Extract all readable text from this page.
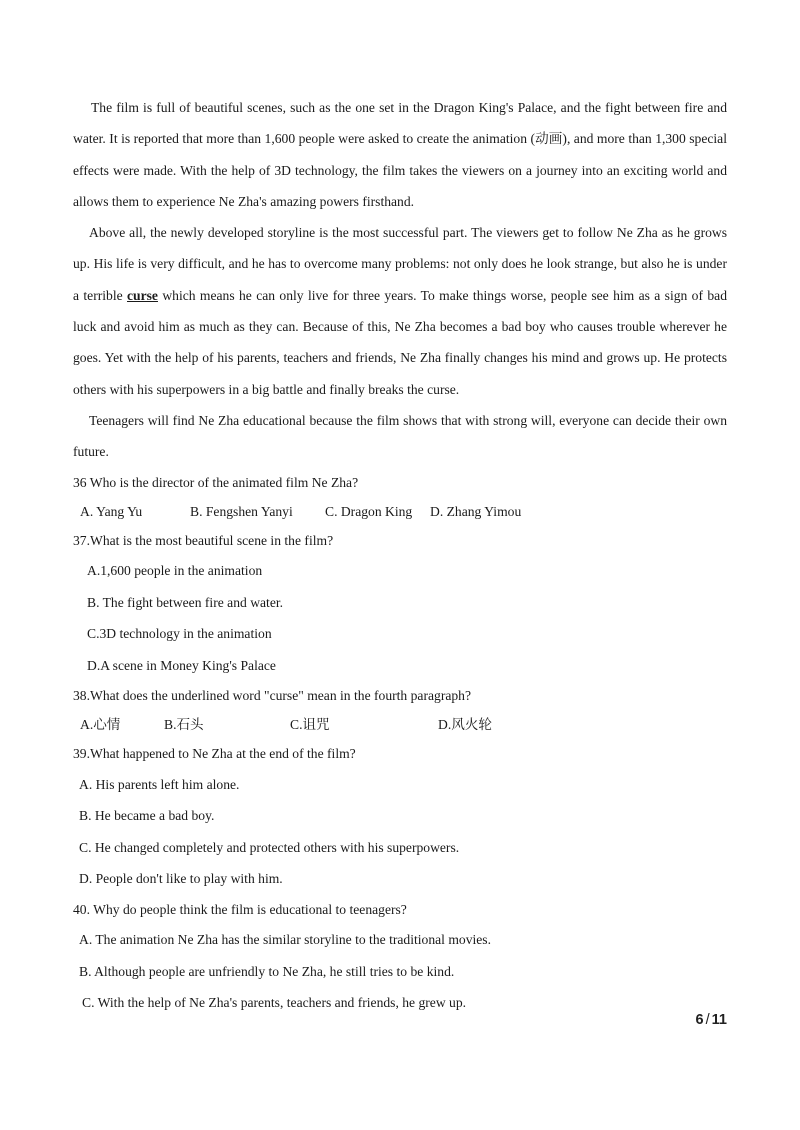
The film is full of beautiful scenes, such as the one set in the Dragon King's Palace, and the fight between fire and water. It is reported that more than 1,600 people were asked to create the animation (动画), and more than 1,300 special effects were made. With the help of 3D technology, the film takes the viewers on a journey into an exciting world and allows them to experience Ne Zha's amazing powers firsthand.

Above all, the newly developed storyline is the most successful part. The viewers get to follow Ne Zha as he grows up. His life is very difficult, and he has to overcome many problems: not only does he look strange, but also he is under a terrible curse which means he can only live for three years. To make things worse, people see him as a sign of bad luck and avoid him as much as they can. Because of this, Ne Zha becomes a bad boy who causes trouble wherever he goes. Yet with the help of his parents, teachers and friends, Ne Zha finally changes his mind and grows up. He protects others with his superpowers in a big battle and finally breaks the curse.

Teenagers will find Ne Zha educational because the film shows that with strong will, everyone can decide their own future.

36 Who is the director of the animated film Ne Zha?

A. Yang Yu	B. Fengshen Yanyi	C. Dragon King	D. Zhang Yimou

37.What is the most beautiful scene in the film?

A.1,600 people in the animation

B. The fight between fire and water.

C.3D technology in the animation

D.A scene in Money King's Palace

38.What does the underlined word "curse" mean in the fourth paragraph?

A.心情	B.石头	C.诅咒	D.风火轮

39.What happened to Ne Zha at the end of the film?

A. His parents left him alone.

B. He became a bad boy.

C. He changed completely and protected others with his superpowers.

D. People don't like to play with him.

40. Why do people think the film is educational to teenagers?

A. The animation Ne Zha has the similar storyline to the traditional movies.

B. Although people are unfriendly to Ne Zha, he still tries to be kind.

C. With the help of Ne Zha's parents, teachers and friends, he grew up.

6 / 11
